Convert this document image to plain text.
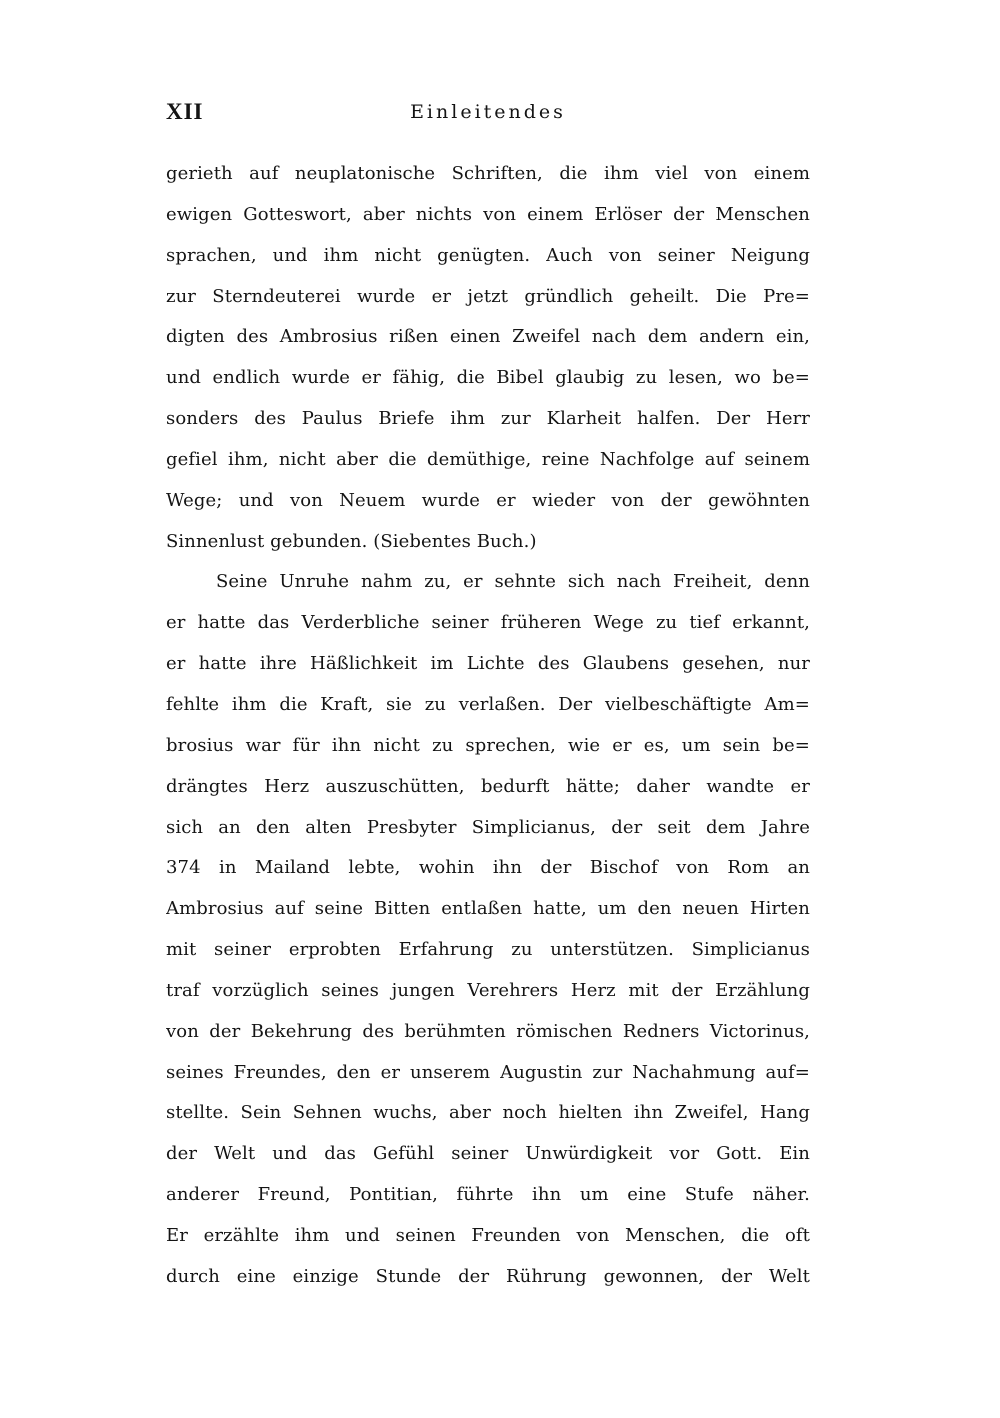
XII	Einleitendes
gerieth auf neuplatonische Schriften, die ihm viel von einem
ewigen Gotteswort, aber nichts von einem Erlöser der Menschen
sprachen, und ihm nicht genügten. Auch von seiner Neigung
zur Sterndeuterei wurde er jetzt gründlich geheilt. Die Pre=
digten des Ambrosius rißen einen Zweifel nach dem andern ein,
und endlich wurde er fähig, die Bibel glaubig zu lesen, wo be=
sonders des Paulus Briefe ihm zur Klarheit halfen. Der Herr
gefiel ihm, nicht aber die demüthige, reine Nachfolge auf seinem
Wege; und von Neuem wurde er wieder von der gewöhnten
Sinnenlust gebunden. (Siebentes Buch.)
Seine Unruhe nahm zu, er sehnte sich nach Freiheit, denn
er hatte das Verderbliche seiner früheren Wege zu tief erkannt,
er hatte ihre Häßlichkeit im Lichte des Glaubens gesehen, nur
fehlte ihm die Kraft, sie zu verlaßen. Der vielbeschäftigte Am=
brosius war für ihn nicht zu sprechen, wie er es, um sein be=
drängtes Herz auszuschütten, bedurft hätte; daher wandte er
sich an den alten Presbyter Simplicianus, der seit dem Jahre
374 in Mailand lebte, wohin ihn der Bischof von Rom an
Ambrosius auf seine Bitten entlaßen hatte, um den neuen Hirten
mit seiner erprobten Erfahrung zu unterstützen. Simplicianus
traf vorzüglich seines jungen Verehrers Herz mit der Erzählung
von der Bekehrung des berühmten römischen Redners Victorinus,
seines Freundes, den er unserem Augustin zur Nachahmung auf=
stellte. Sein Sehnen wuchs, aber noch hielten ihn Zweifel, Hang
der Welt und das Gefühl seiner Unwürdigkeit vor Gott. Ein
anderer Freund, Pontitian, führte ihn um eine Stufe näher.
Er erzählte ihm und seinen Freunden von Menschen, die oft
durch eine einzige Stunde der Rührung gewonnen, der Welt
